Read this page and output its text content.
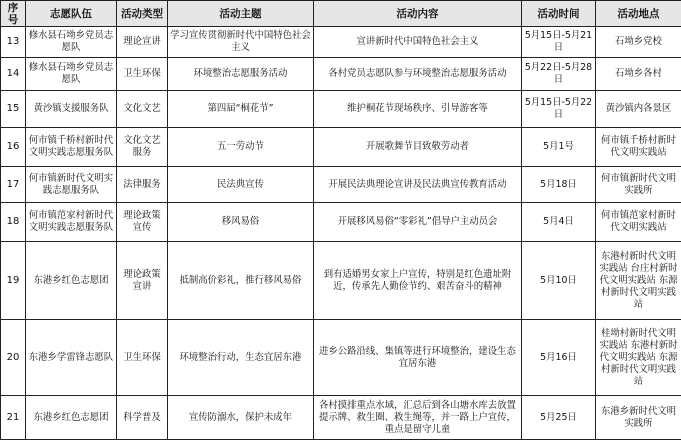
序号	志愿队伍	活动类型	活动主题	活动内容	活动时间	活动地点
13	修水县石坳乡党员志愿队	理论宣讲	学习宣传贯彻新时代中国特色社会主义	宣讲新时代中国特色社会主义	5月15日-5月21日	石坳乡党校
14	修水县石坳乡党员志愿队	卫生环保	环境整治志愿服务活动	各村党员志愿队参与环境整治志愿服务活动	5月22日-5月28日	石坳乡各村
15	黄沙镇支援服务队	文化文艺	第四届“桐花节”	维护桐花节现场秩序、引导游客等	5月15日-5月22日	黄沙镇内各景区
16	何市镇千桥村新时代文明实践志愿服务队	文化文艺服务	五一劳动节	开展歌舞节目致敬劳动者	5月1号	何市镇千桥村新时代文明实践站
17	何市镇新时代文明实践志愿服务队	法律服务	民法典宣传	开展民法典理论宣讲及民法典宣传教育活动	5月18日	何市镇新时代文明实践所
18	何市镇范家村新时代文明实践志愿服务队	理论政策宣传	移风易俗	开展移风易俗“零彩礼”倡导户主动员会	5月4日	何市镇范家村新时代文明实践站
19	东港乡红色志愿团	理论政策宣讲	抵制高价彩礼，推行移风易俗	到有适婚男女家上户宣传，特别是红色遗址附近，传承先人勤俭节约、艰苦奋斗的精神	5月10日	东港村新时代文明实践站 台庄村新时代文明实践站 东源村新时代文明实践站
20	东港乡学雷锋志愿队	卫生环保	环境整治行动，生态宜居东港	进乡公路沿线、集镇等进行环境整治，建设生态宜居东港	5月16日	桂坳村新时代文明实践站 东港村新时代文明实践站 东源村新时代文明实践站
21	东港乡红色志愿团	科学普及	宣传防溺水，保护未成年	各村摸排重点水域，汇总后到各山塘水库去放置提示牌、救生圈、救生绳等，并一路上户宣传，重点是留守儿童	5月25日	东港乡新时代文明实践所
